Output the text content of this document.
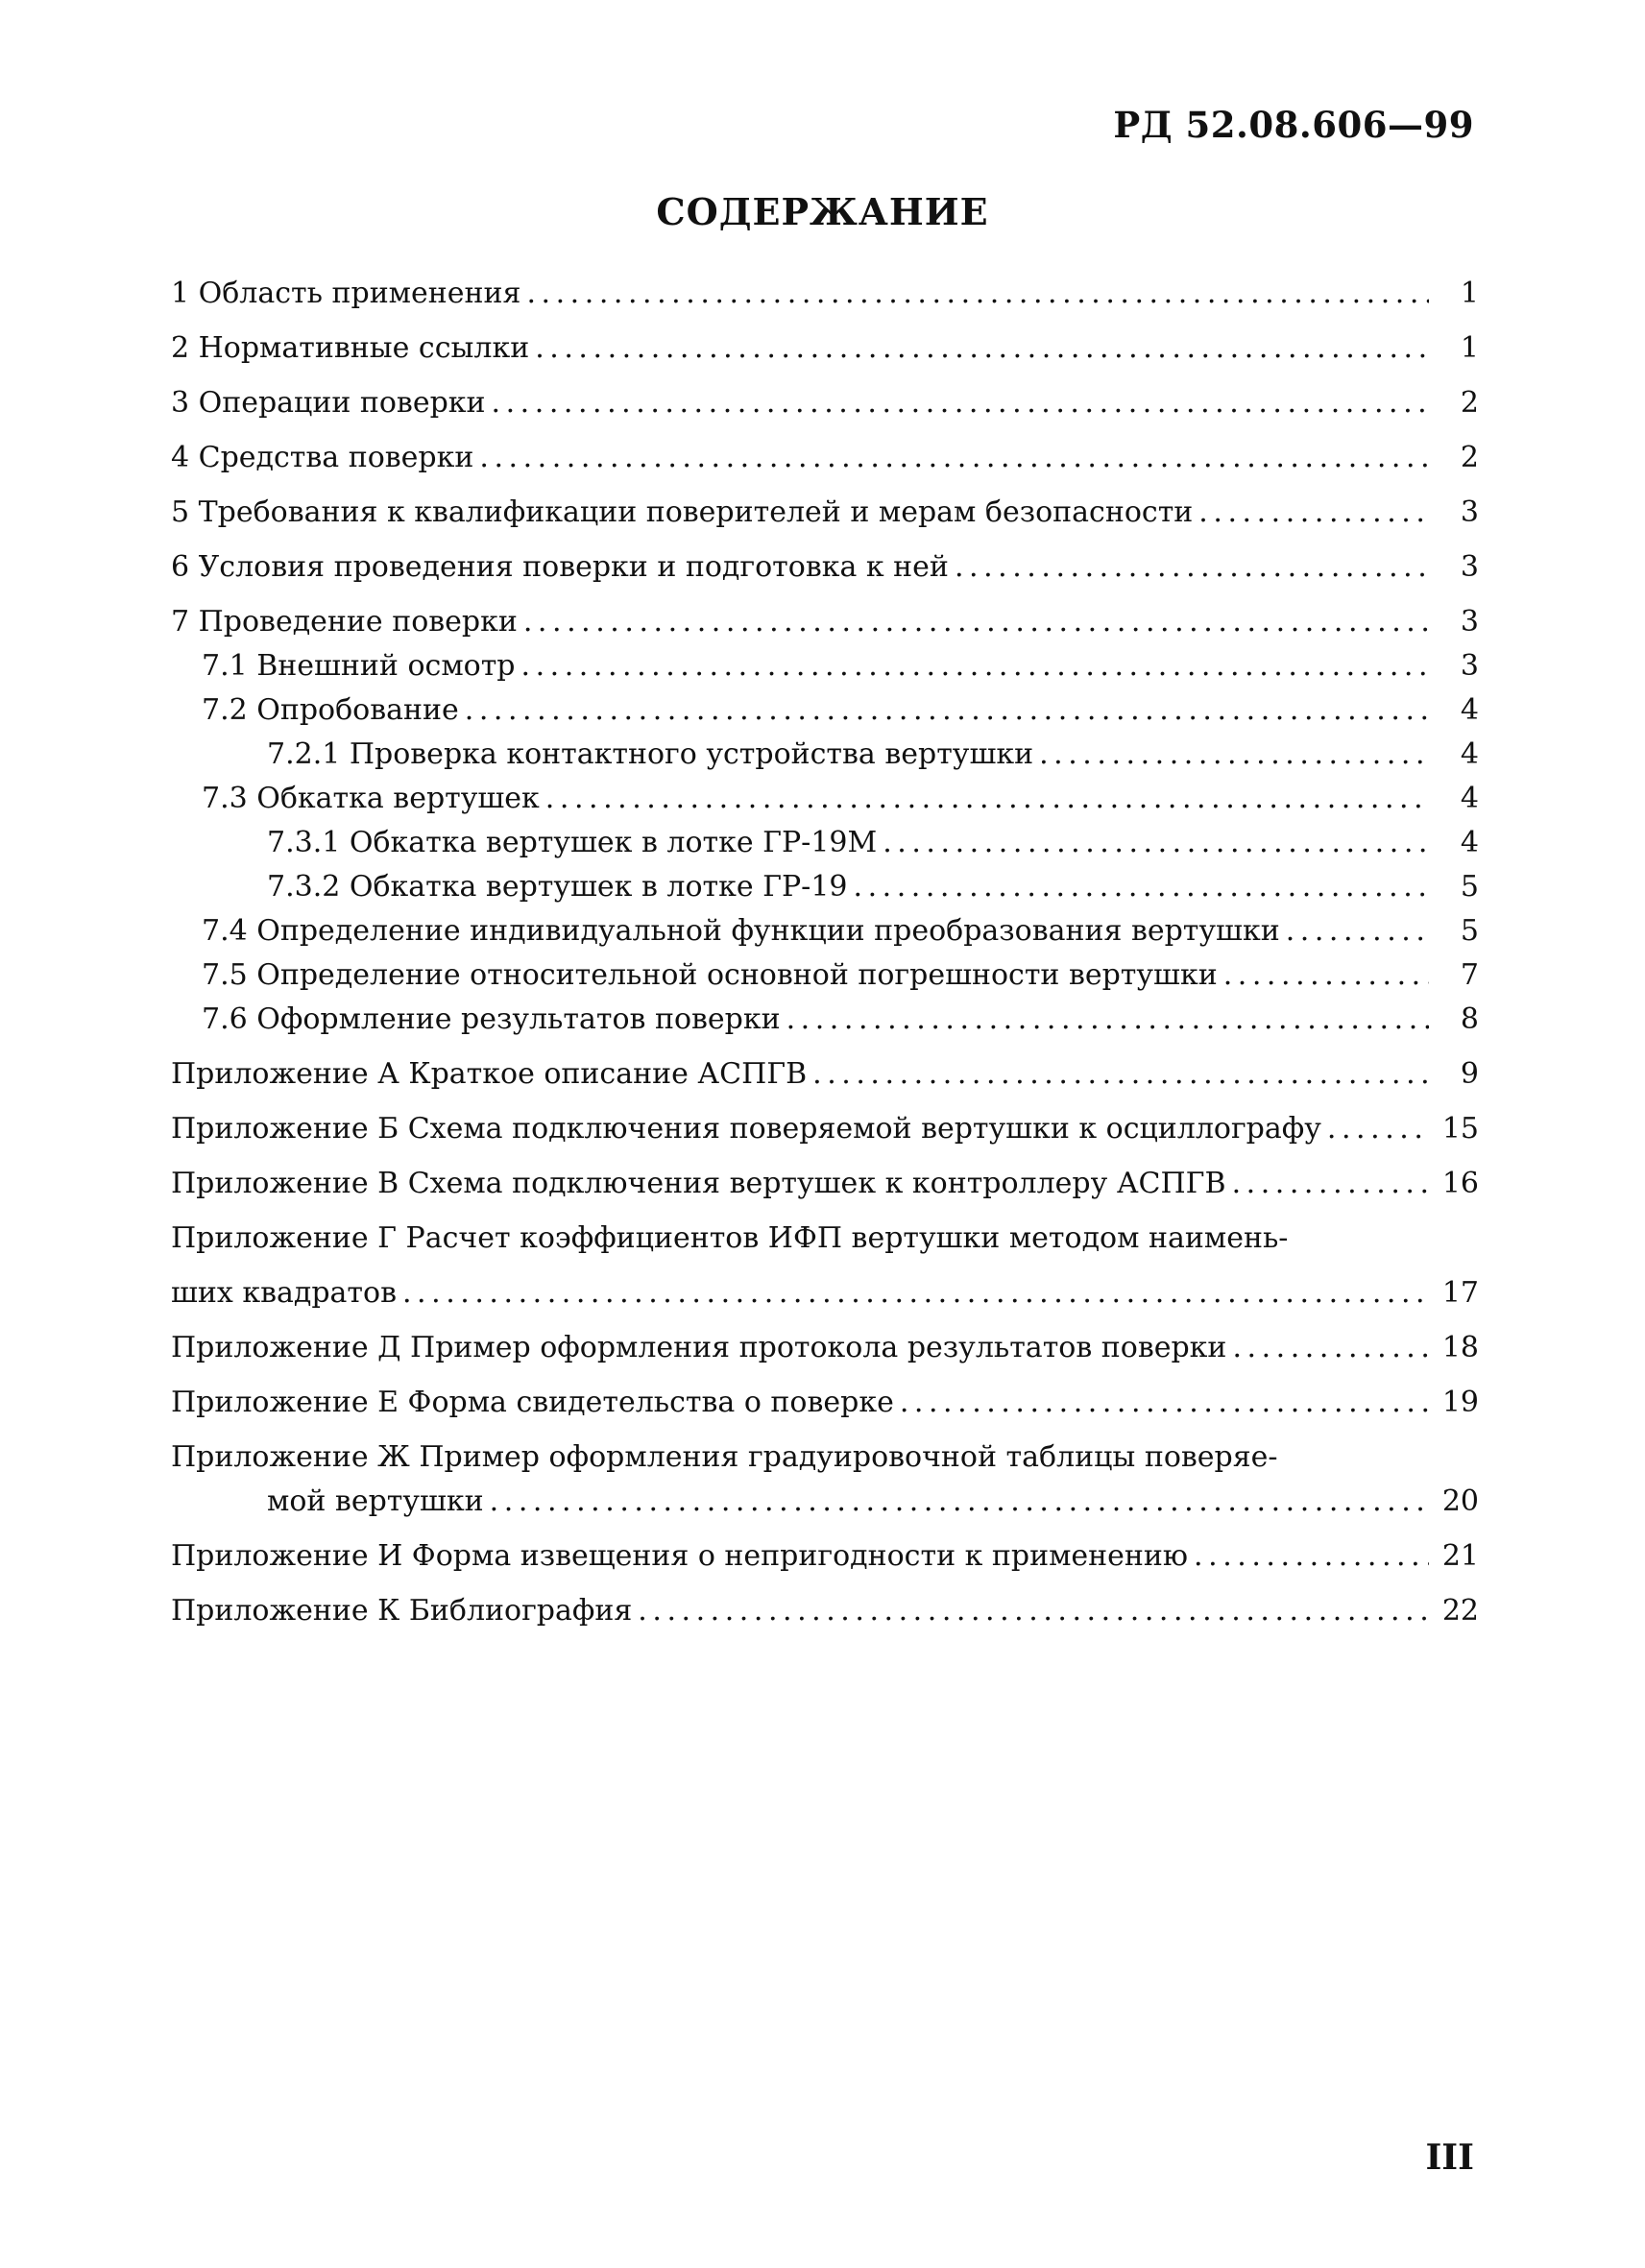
РД 52.08.606—99
СОДЕРЖАНИЕ
1 Область применения . . .	1
2 Нормативные ссылки . . .	1
3 Операции поверки . . .	2
4 Средства поверки . . .	2
5 Требования к квалификации поверителей и мерам безопасности . . .	3
6 Условия проведения поверки и подготовка к ней . . .	3
7 Проведение поверки . . .	3
7.1 Внешний осмотр . . .	3
7.2 Опробование . . .	4
7.2.1 Проверка контактного устройства вертушки . . .	4
7.3 Обкатка вертушек . . .	4
7.3.1 Обкатка вертушек в лотке ГР-19М . . .	4
7.3.2 Обкатка вертушек в лотке ГР-19 . . .	5
7.4 Определение индивидуальной функции преобразования вертушки . . .	5
7.5 Определение относительной основной погрешности вертушки . . .	7
7.6 Оформление результатов поверки . . .	8
Приложение А Краткое описание АСПГВ . . .	9
Приложение Б Схема подключения поверяемой вертушки к осциллографу . . .	15
Приложение В Схема подключения вертушек к контроллеру АСПГВ . . .	16
Приложение Г Расчет коэффициентов ИФП вертушки методом наимень-
ших квадратов . . .	17
Приложение Д Пример оформления протокола результатов поверки . . .	18
Приложение Е Форма свидетельства о поверке . . .	19
Приложение Ж Пример оформления градуировочной таблицы поверяе-
мой вертушки . . .	20
Приложение И Форма извещения о непригодности к применению . . .	21
Приложение К Библиография . . .	22
III
